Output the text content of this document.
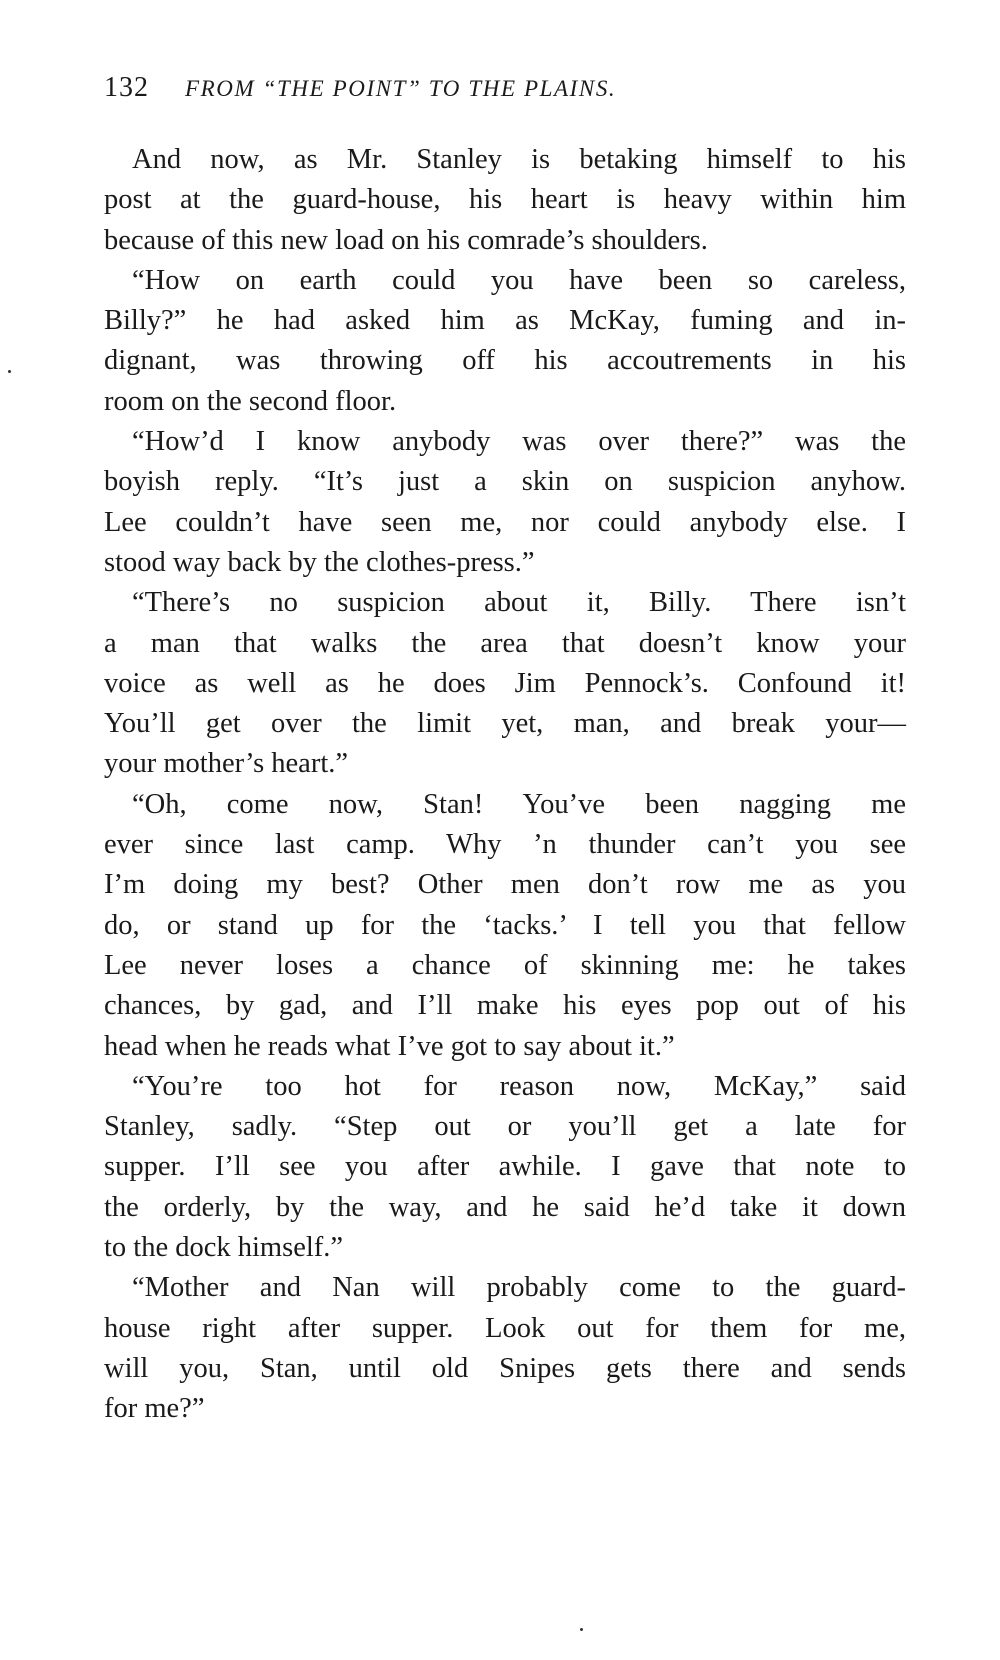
132 FROM “THE POINT” TO THE PLAINS.

And now, as Mr. Stanley is betaking himself to his
post at the guard-house, his heart is heavy within him
because of this new load on his comrade’s shoulders.

“How on earth could you have been so careless,
Billy?” he had asked him as McKay, fuming and in-
dignant, was throwing off his accoutrements in his
room on the second floor.

“How’d I know anybody was over there?” was the
boyish reply. “It’s just a skin on suspicion anyhow.
Lee couldn’t have seen me, nor could anybody else. I
stood way back by the clothes-press.”

“There’s no suspicion about it, Billy. There isn’t
a man that walks the area that doesn’t know your
voice as well as he does Jim Pennock’s. Confound it!
You’ll get over the limit yet, man, and break your—
your mother’s heart.”

“Oh, come now, Stan! You’ve been nagging me
ever since last camp. Why ’n thunder can’t you see
I’m doing my best? Other men don’t row me as you
do, or stand up for the ‘tacks.’ I tell you that fellow
Lee never loses a chance of skinning me: he takes
chances, by gad, and I’ll make his eyes pop out of his
head when he reads what I’ve got to say about it.”

“You’re too hot for reason now, McKay,” said
Stanley, sadly. “Step out or you’ll get a late for
supper. I’ll see you after awhile. I gave that note to
the orderly, by the way, and he said he’d take it down
to the dock himself.”

“Mother and Nan will probably come to the guard-
house right after supper. Look out for them for me,
will you, Stan, until old Snipes gets there and sends
for me?”
